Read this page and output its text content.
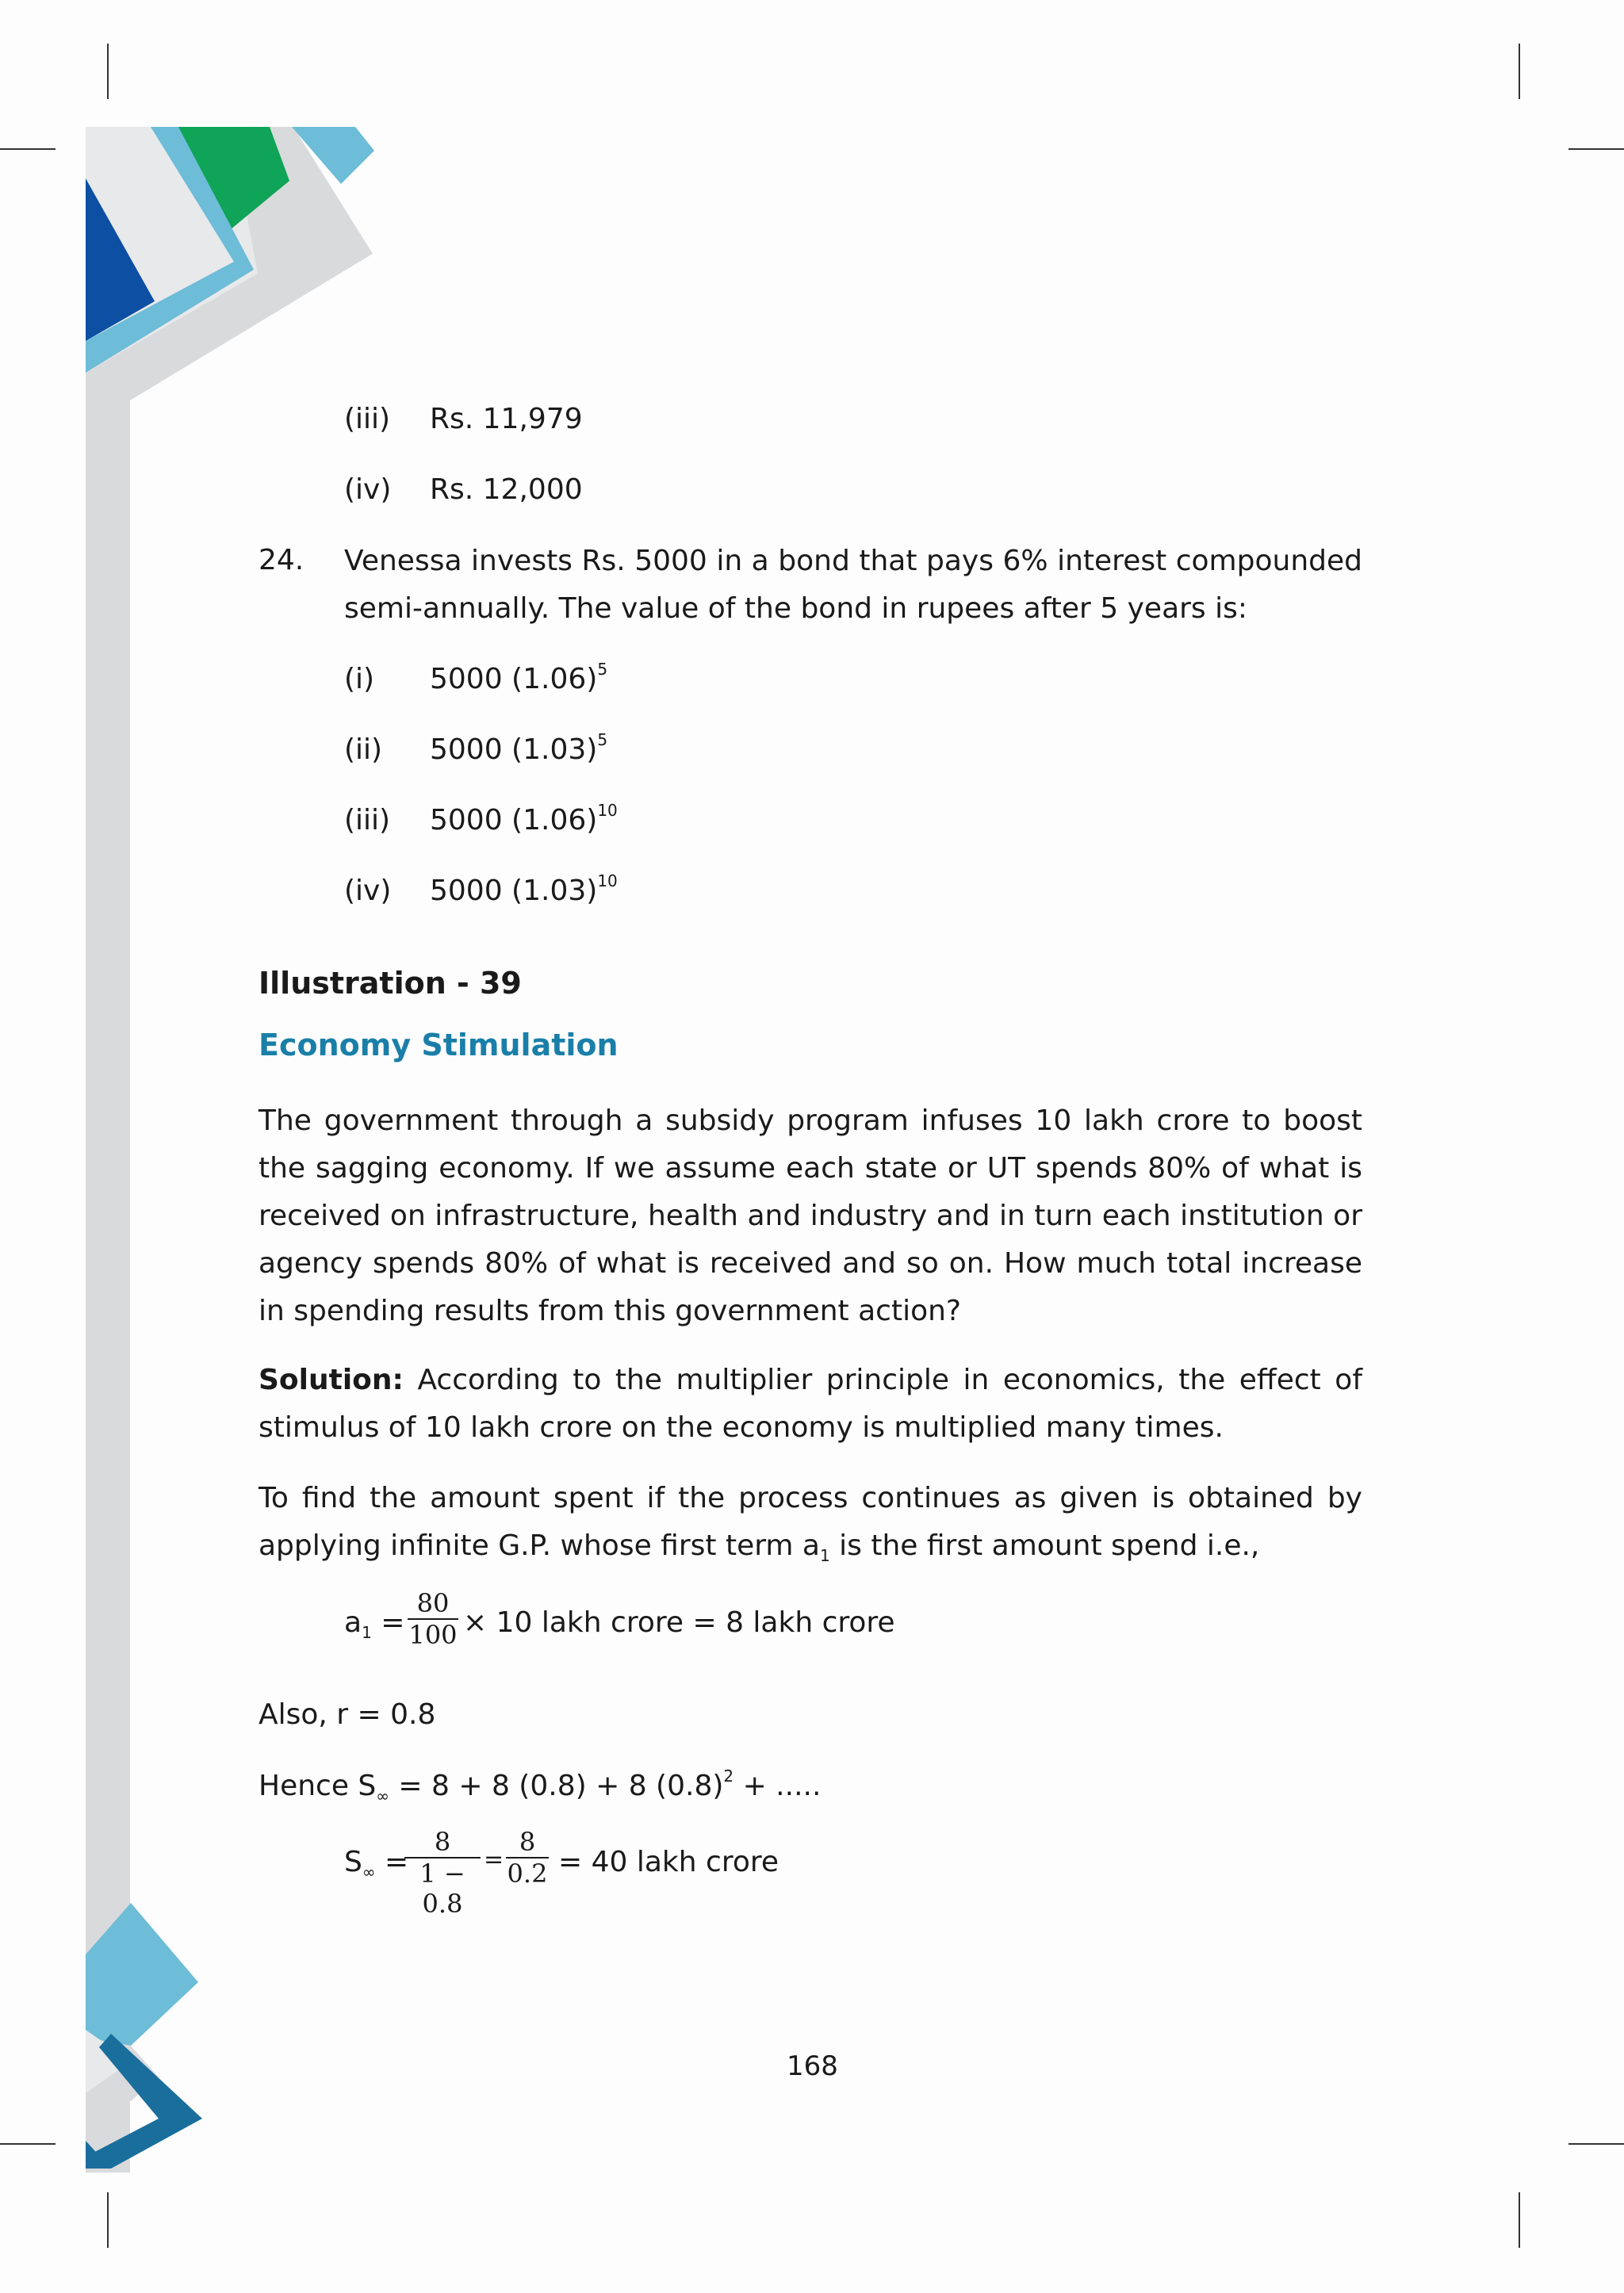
(iii) Rs. 11,979
(iv) Rs. 12,000
24. Venessa invests Rs. 5000 in a bond that pays 6% interest compounded semi-annually. The value of the bond in rupees after 5 years is:
(i) 5000 $(1.06)^5$
(ii) 5000 $(1.03)^5$
(iii) 5000 $(1.06)^{10}$
(iv) 5000 $(1.03)^{10}$
Illustration - 39
Economy Stimulation
The government through a subsidy program infuses 10 lakh crore to boost the sagging economy. If we assume each state or UT spends 80% of what is received on infrastructure, health and industry and in turn each institution or agency spends 80% of what is received and so on. How much total increase in spending results from this government action?
Solution: According to the multiplier principle in economics, the effect of stimulus of 10 lakh crore on the economy is multiplied many times.
To find the amount spent if the process continues as given is obtained by applying infinite G.P. whose first term $a_1$ is the first amount spend i.e.,
$a_1 = \frac{80}{100} \times 10$ lakh crore = 8 lakh crore
Also, r = 0.8
Hence $S_\infty = 8 + 8$ (0.8) + 8 $(0.8)^2$ + .....
$S_\infty$ =
$\frac{8}{1 - 0.8} = \frac{8}{0.2} = 40$ lakh crore
168
